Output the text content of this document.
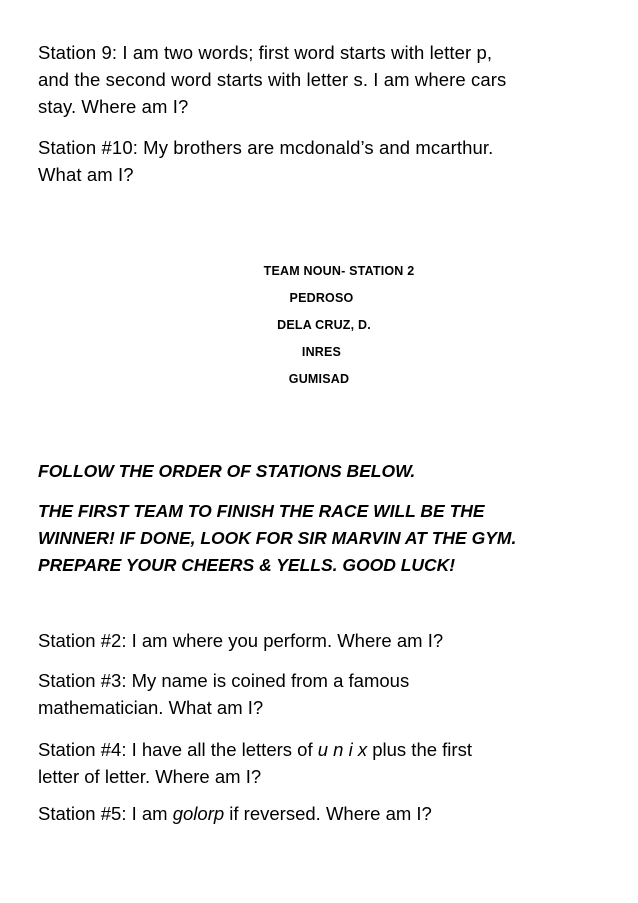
Station 9: I am two words; first word starts with letter p,
and the second word starts with letter s. I am where cars
stay. Where am I?
Station #10: My brothers are mcdonald’s and mcarthur.
What am I?
TEAM NOUN- STATION 2
PEDROSO
DELA CRUZ, D.
INRES
GUMISAD
FOLLOW THE ORDER OF STATIONS BELOW.
THE FIRST TEAM TO FINISH THE RACE WILL BE THE
WINNER! IF DONE, LOOK FOR SIR MARVIN AT THE GYM.
PREPARE YOUR CHEERS & YELLS. GOOD LUCK!
Station #2: I am where you perform. Where am I?
Station #3: My name is coined from a famous
mathematician. What am I?
Station #4: I have all the letters of u n i x plus the first
letter of letter. Where am I?
Station #5: I am golorp if reversed. Where am I?
